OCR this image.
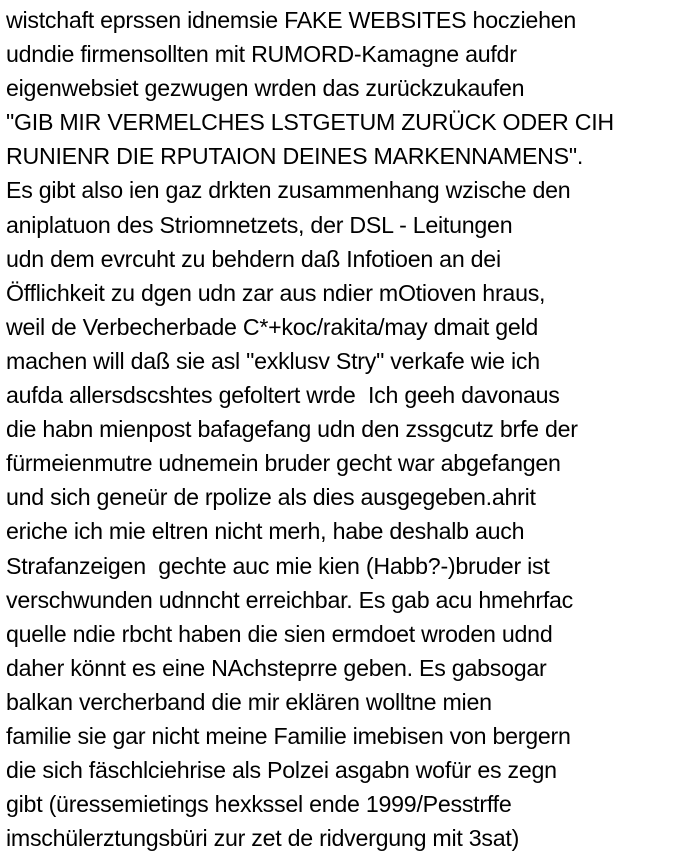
wistchaft eprssen idnemsie FAKE WEBSITES hocziehen
udndie firmensollten mit RUMORD-Kamagne aufdr
eigenwebsiet gezwugen wrden das zurückzukaufen
"GIB MIR VERMELCHES LSTGETUM ZURÜCK ODER CIH
RUNIENR DIE RPUTAION DEINES MARKENNAMENS".
Es gibt also ien gaz drkten zusammenhang wzische den
aniplatuon des Striomnetzets, der DSL - Leitungen
udn dem evrcuht zu behdern daß Infotioen an dei
Öfflichkeit zu dgen udn zar aus ndier mOtioven hraus,
weil de Verbecherbade C*+koc/rakita/may dmait geld
machen will daß sie asl "exklusv Stry" verkafe wie ich
aufda allersdscshtes gefoltert wrde  Ich geeh davonaus
die habn mienpost bafagefang udn den zssgcutz brfe der
fürmeienmutre udnemein bruder gecht war abgefangen
und sich geneür de rpolize als dies ausgegeben.ahrit
eriche ich mie eltren nicht merh, habe deshalb auch
Strafanzeigen  gechte auc mie kien (Habb?-)bruder ist
verschwunden udnncht erreichbar. Es gab acu hmehrfac
quelle ndie rbcht haben die sien ermdoet wroden udnd
daher könnt es eine NAchsteprre geben. Es gabsogar
balkan vercherband die mir eklären wolltne mien
familie sie gar nicht meine Familie imebisen von bergern
die sich fäschlciehrise als Polzei asgabn wofür es zegn
gibt (üressemietings hexkssel ende 1999/Pesstrffe
imschülerztungsbüri zur zet de ridvergung mit 3sat)
